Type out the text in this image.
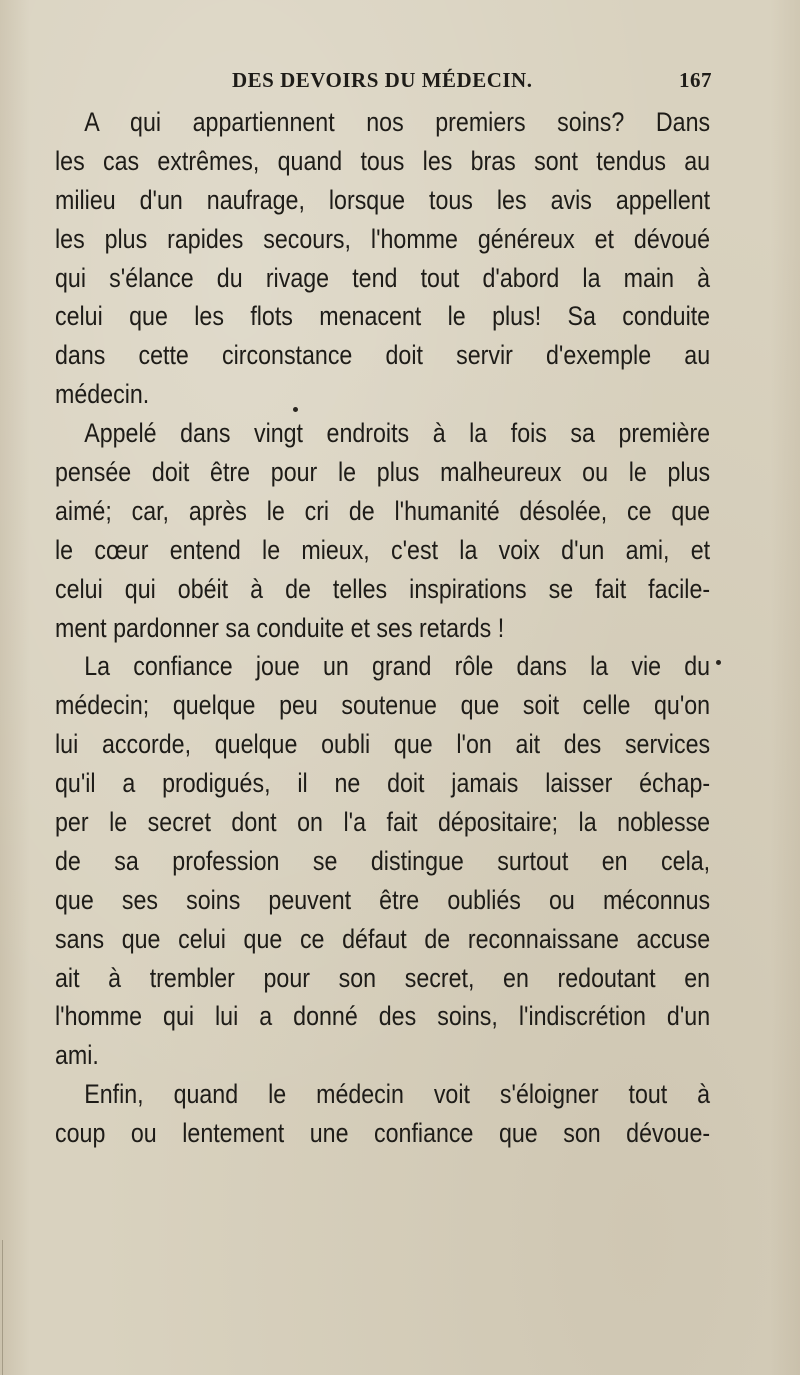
DES DEVOIRS DU MÉDECIN.	167
A qui appartiennent nos premiers soins? Dans
les cas extrêmes, quand tous les bras sont tendus au
milieu d'un naufrage, lorsque tous les avis appellent
les plus rapides secours, l'homme généreux et dévoué
qui s'élance du rivage tend tout d'abord la main à
celui que les flots menacent le plus! Sa conduite
dans cette circonstance doit servir d'exemple au
médecin.
Appelé dans vingt endroits à la fois sa première
pensée doit être pour le plus malheureux ou le plus
aimé; car, après le cri de l'humanité désolée, ce que
le cœur entend le mieux, c'est la voix d'un ami, et
celui qui obéit à de telles inspirations se fait facile-
ment pardonner sa conduite et ses retards !
La confiance joue un grand rôle dans la vie du
médecin; quelque peu soutenue que soit celle qu'on
lui accorde, quelque oubli que l'on ait des services
qu'il a prodigués, il ne doit jamais laisser échap-
per le secret dont on l'a fait dépositaire; la noblesse
de sa profession se distingue surtout en cela,
que ses soins peuvent être oubliés ou méconnus
sans que celui que ce défaut de reconnaissane accuse
ait à trembler pour son secret, en redoutant en
l'homme qui lui a donné des soins, l'indiscrétion d'un
ami.
Enfin, quand le médecin voit s'éloigner tout à
coup ou lentement une confiance que son dévoue-
